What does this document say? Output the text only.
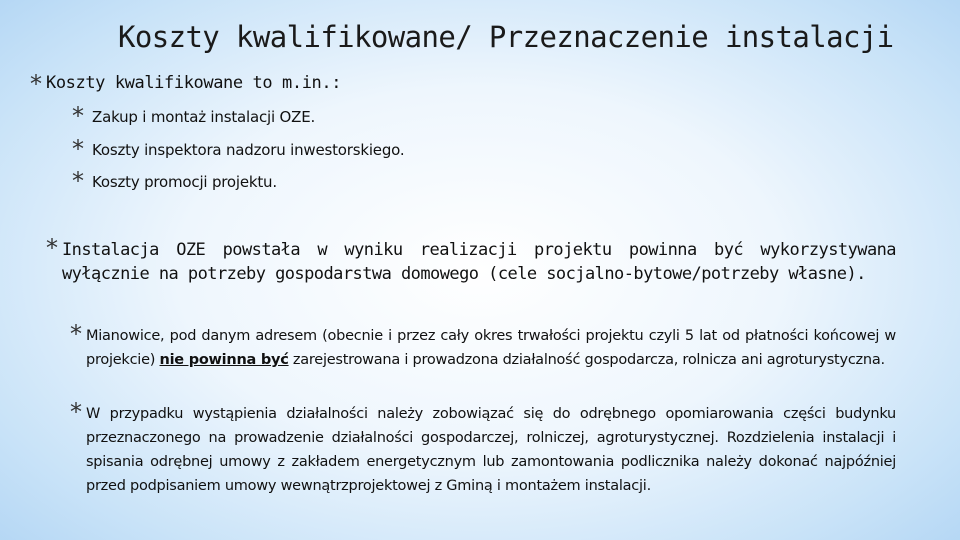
Koszty kwalifikowane/ Przeznaczenie instalacji
* Koszty kwalifikowane to m.in.:
* Zakup i montaż instalacji OZE.
* Koszty inspektora nadzoru inwestorskiego.
* Koszty promocji projektu.
* Instalacja OZE powstała w wyniku realizacji projektu powinna być wykorzystywana wyłącznie na potrzeby gospodarstwa domowego (cele socjalno-bytowe/potrzeby własne).

* Mianowice, pod danym adresem (obecnie i przez cały okres trwałości projektu czyli 5 lat od płatności końcowej w projekcie) nie powinna być zarejestrowana i prowadzona działalność gospodarcza, rolnicza ani agroturystyczna.

* W przypadku wystąpienia działalności należy zobowiązać się do odrębnego opomiarowania części budynku przeznaczonego na prowadzenie działalności gospodarczej, rolniczej, agroturystycznej. Rozdzielenia instalacji i spisania odrębnej umowy z zakładem energetycznym lub zamontowania podlicznika należy dokonać najpóźniej przed podpisaniem umowy wewnątrzprojektowej z Gminą i montażem instalacji.
